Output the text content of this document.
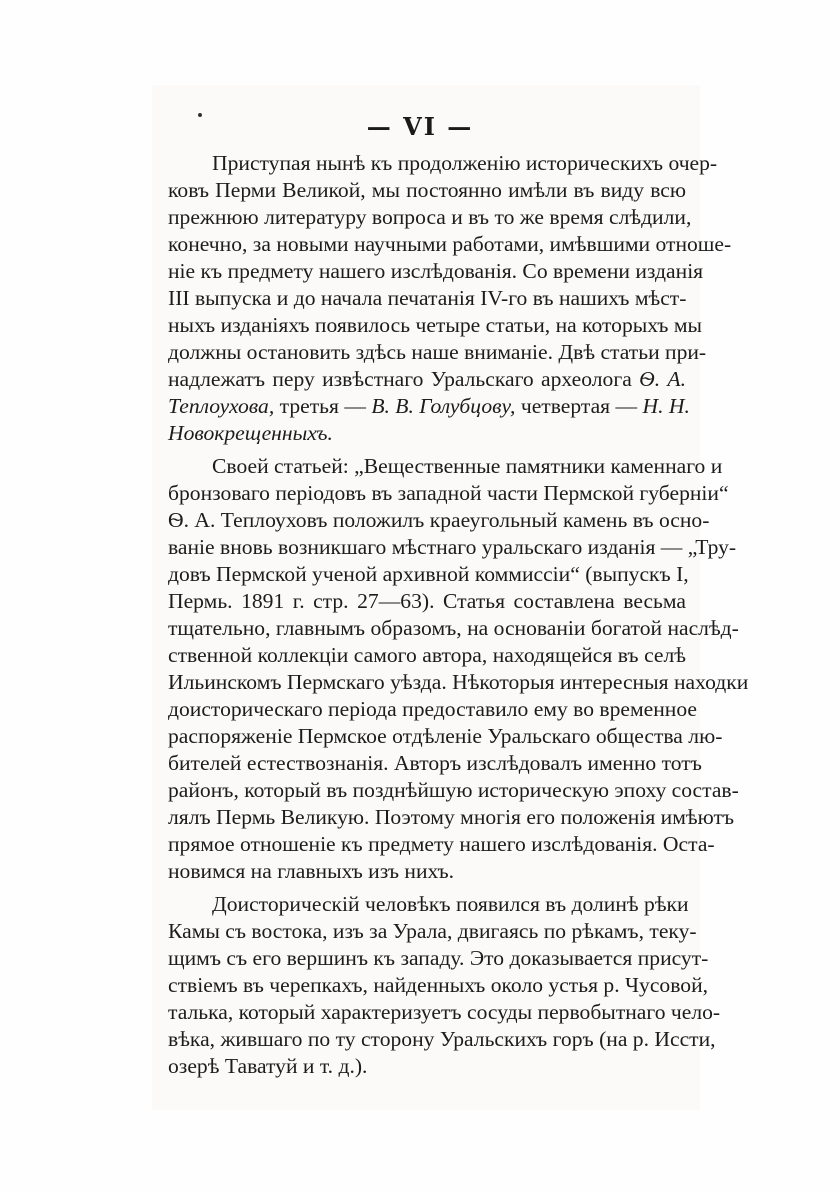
— VI —
Приступая нынѣ къ продолженію историческихъ очер-
ковъ Перми Великой, мы постоянно имѣли въ виду всю
прежнюю литературу вопроса и въ то же время слѣдили,
конечно, за новыми научными работами, имѣвшими отноше-
ніе къ предмету нашего изслѣдованія. Со времени изданія
III выпуска и до начала печатанія IV-го въ нашихъ мѣст-
ныхъ изданіяхъ появилось четыре статьи, на которыхъ мы
должны остановить здѣсь наше вниманіе. Двѣ статьи при-
надлежатъ перу извѣстнаго Уральскаго археолога Ѳ. А.
Теплоухова, третья — В. В. Голубцову, четвертая — Н. Н.
Новокрещенныхъ.
Своей статьей: „Вещественные памятники каменнаго и
бронзоваго періодовъ въ западной части Пермской губерніи“
Ѳ. А. Теплоуховъ положилъ краеугольный камень въ осно-
ваніе вновь возникшаго мѣстнаго уральскаго изданія — „Тру-
довъ Пермской ученой архивной коммиссіи“ (выпускъ I,
Пермь. 1891 г. стр. 27—63). Статья составлена весьма
тщательно, главнымъ образомъ, на основаніи богатой наслѣд-
ственной коллекціи самого автора, находящейся въ селѣ
Ильинскомъ Пермскаго уѣзда. Нѣкоторыя интересныя находки
доисторическаго періода предоставило ему во временное
распоряженіе Пермское отдѣленіе Уральскаго общества лю-
бителей естествознанія. Авторъ изслѣдовалъ именно тотъ
районъ, который въ позднѣйшую историческую эпоху состав-
лялъ Пермь Великую. Поэтому многія его положенія имѣютъ
прямое отношеніе къ предмету нашего изслѣдованія. Оста-
новимся на главныхъ изъ нихъ.
Доисторическій человѣкъ появился въ долинѣ рѣки
Камы съ востока, изъ за Урала, двигаясь по рѣкамъ, теку-
щимъ съ его вершинъ къ западу. Это доказывается присут-
ствіемъ въ черепкахъ, найденныхъ около устья р. Чусовой,
талька, который характеризуетъ сосуды первобытнаго чело-
вѣка, жившаго по ту сторону Уральскихъ горъ (на р. Иссти,
озерѣ Таватуй и т. д.).
